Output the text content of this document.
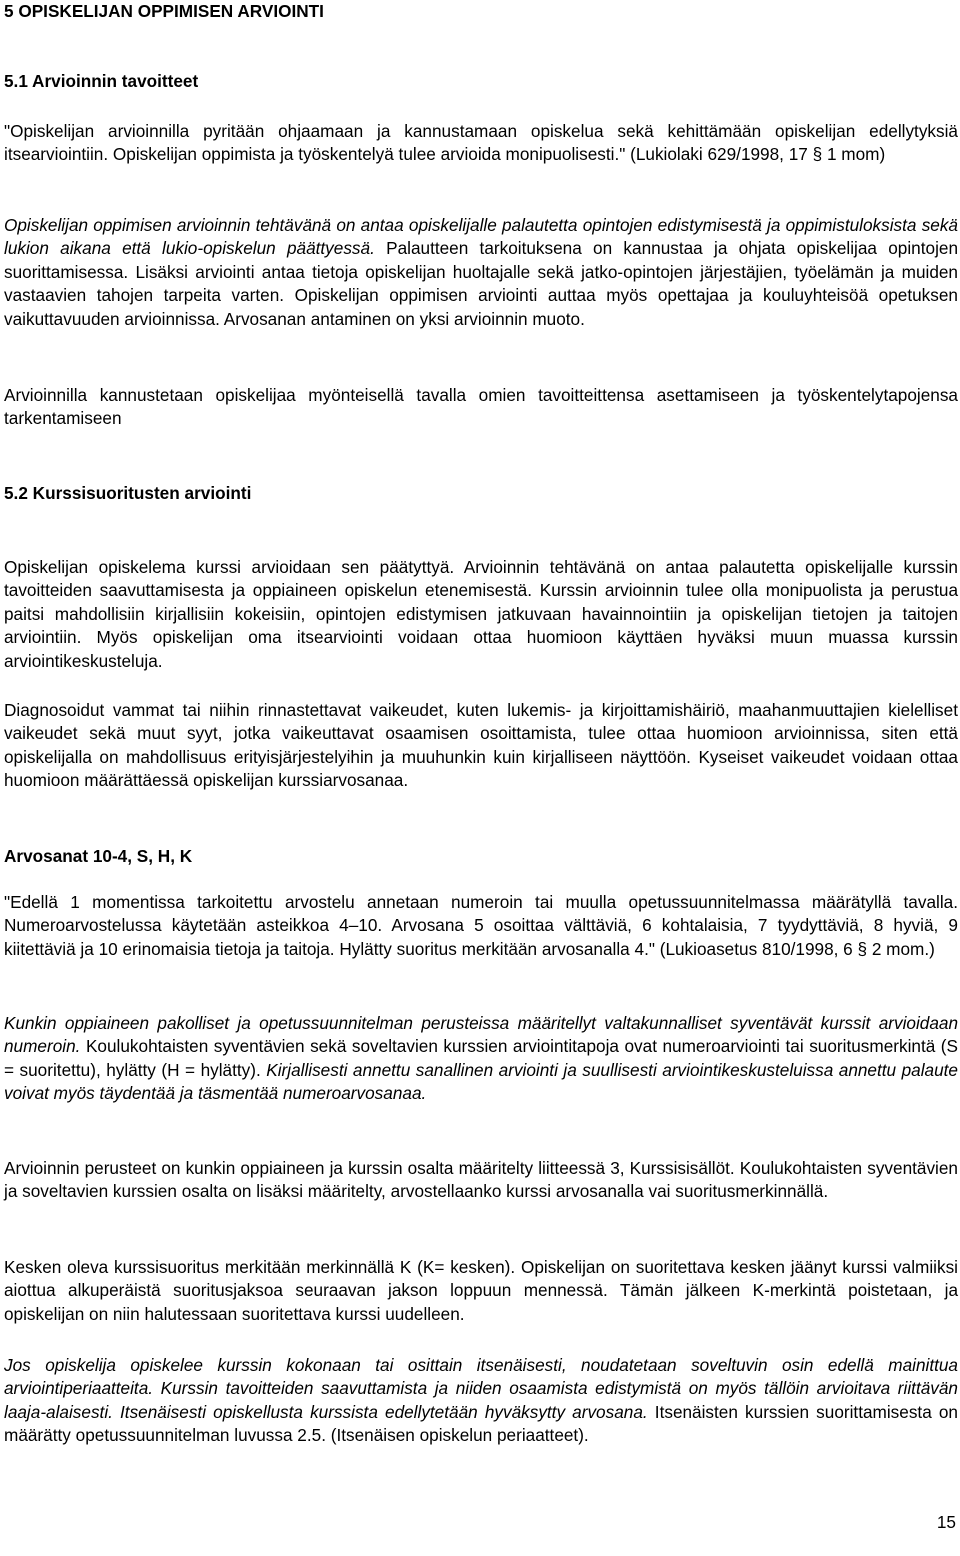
5 OPISKELIJAN OPPIMISEN ARVIOINTI
5.1 Arvioinnin tavoitteet

"Opiskelijan arvioinnilla pyritään ohjaamaan ja kannustamaan opiskelua sekä kehittämään opiskelijan edellytyksiä itsearviointiin. Opiskelijan oppimista ja työskentelyä tulee arvioida monipuolisesti." (Lukiolaki 629/1998, 17 § 1 mom)

Opiskelijan oppimisen arvioinnin tehtävänä on antaa opiskelijalle palautetta opintojen edistymisestä ja oppimistuloksista sekä lukion aikana että lukio-opiskelun päättyessä. Palautteen tarkoituksena on kannustaa ja ohjata opiskelijaa opintojen suorittamisessa. Lisäksi arviointi antaa tietoja opiskelijan huoltajalle sekä jatko-opintojen järjestäjien, työelämän ja muiden vastaavien tahojen tarpeita varten. Opiskelijan oppimisen arviointi auttaa myös opettajaa ja kouluyhteisöä opetuksen vaikuttavuuden arvioinnissa. Arvosanan antaminen on yksi arvioinnin muoto.

Arvioinnilla kannustetaan opiskelijaa myönteisellä tavalla omien tavoitteittensa asettamiseen ja työskentelytapojensa tarkentamiseen

5.2 Kurssisuoritusten arviointi

Opiskelijan opiskelema kurssi arvioidaan sen päätyttyä. Arvioinnin tehtävänä on antaa palautetta opiskelijalle kurssin tavoitteiden saavuttamisesta ja oppiaineen opiskelun etenemisestä. Kurssin arvioinnin tulee olla monipuolista ja perustua paitsi mahdollisiin kirjallisiin kokeisiin, opintojen edistymisen jatkuvaan havainnointiin ja opiskelijan tietojen ja taitojen arviointiin. Myös opiskelijan oma itsearviointi voidaan ottaa huomioon käyttäen hyväksi muun muassa kurssin arviointikeskusteluja.

Diagnosoidut vammat tai niihin rinnastettavat vaikeudet, kuten lukemis- ja kirjoittamishäiriö, maahanmuuttajien kielelliset vaikeudet sekä muut syyt, jotka vaikeuttavat osaamisen osoittamista, tulee ottaa huomioon arvioinnissa, siten että opiskelijalla on mahdollisuus erityisjärjestelyihin ja muuhunkin kuin kirjalliseen näyttöön. Kyseiset vaikeudet voidaan ottaa huomioon määrättäessä opiskelijan kurssiarvosanaa.

Arvosanat 10-4, S, H, K

"Edellä 1 momentissa tarkoitettu arvostelu annetaan numeroin tai muulla opetussuunnitelmassa määrätyllä tavalla. Numeroarvostelussa käytetään asteikkoa 4–10. Arvosana 5 osoittaa välttäviä, 6 kohtalaisia, 7 tyydyttäviä, 8 hyviä, 9 kiitettäviä ja 10 erinomaisia tietoja ja taitoja. Hylätty suoritus merkitään arvosanalla 4." (Lukioasetus 810/1998, 6 § 2 mom.)

Kunkin oppiaineen pakolliset ja opetussuunnitelman perusteissa määritellyt valtakunnalliset syventävät kurssit arvioidaan numeroin. Koulukohtaisten syventävien sekä soveltavien kurssien arviointitapoja ovat numeroarviointi tai suoritusmerkintä (S = suoritettu), hylätty (H = hylätty). Kirjallisesti annettu sanallinen arviointi ja suullisesti arviointikeskusteluissa annettu palaute voivat myös täydentää ja täsmentää numeroarvosanaa.

Arvioinnin perusteet on kunkin oppiaineen ja kurssin osalta määritelty liitteessä 3, Kurssisisällöt. Koulukohtaisten syventävien ja soveltavien kurssien osalta on lisäksi määritelty, arvostellaanko kurssi arvosanalla vai suoritusmerkinnällä.

Kesken oleva kurssisuoritus merkitään merkinnällä K (K= kesken). Opiskelijan on suoritettava kesken jäänyt kurssi valmiiksi aiottua alkuperäistä suoritusjaksoa seuraavan jakson loppuun mennessä. Tämän jälkeen K-merkintä poistetaan, ja opiskelijan on niin halutessaan suoritettava kurssi uudelleen.

Jos opiskelija opiskelee kurssin kokonaan tai osittain itsenäisesti, noudatetaan soveltuvin osin edellä mainittua arviointiperiaatteita. Kurssin tavoitteiden saavuttamista ja niiden osaamista edistymistä on myös tällöin arvioitava riittävän laaja-alaisesti. Itsenäisesti opiskellusta kurssista edellytetään hyväksytty arvosana. Itsenäisten kurssien suorittamisesta on määrätty opetussuunnitelman luvussa 2.5. (Itsenäisen opiskelun periaatteet).

15
